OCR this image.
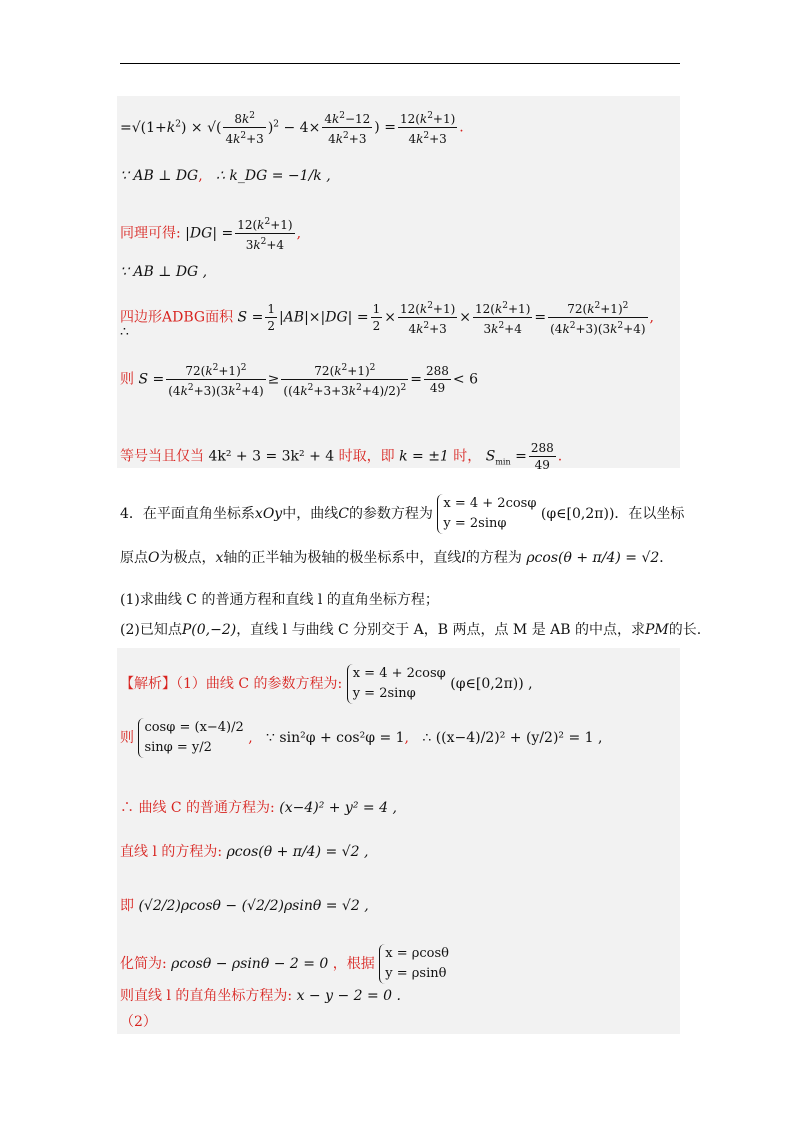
$=√(1+k^2)$ × √( $\frac{8k^2}{4k^2+3} )^2 - 4\times \frac{4k^2-12}{4k^2+3}$ ) = $\frac{12(k^2+1)}{4k^2+3}$ .
∵ AB ⊥ DG, ∴ k_DG = −1/k ,
同理可得: $|DG| = \frac{12(k^2+1)}{3k^2+4}$ ,
∵ AB ⊥ DG ,
四边形ADBG面积 $S = \frac{1}{2} |AB|\times|DG| = \frac{1}{2} \times \frac{12(k^2+1)}{4k^2+3} \times \frac{12(k^2+1)}{3k^2+4} = \frac{72(k^2+1)^2}{(4k^2+3)(3k^2+4)}$ ,
∴
则 $S = \frac{72(k^2+1)^2}{(4k^2+3)(3k^2+4)} \ge \frac{72(k^2+1)^2}{((4k^2+3+3k^2+4)/2)^2} = \frac{288}{49} < 6$
等号当且仅当 4k² + 3 = 3k² + 4 时取，即 k = ±1 时， $S_{min} = \frac{288}{49}$ .
4．在平面直角坐标系xOy中，曲线C的参数方程为
x = 4 + 2cosφ
y = 2sinφ
(φ∈[0,2π))．在以坐标
原点O为极点，x轴的正半轴为极轴的极坐标系中，直线l的方程为 ρcos(θ + π/4) = √2．
(1)求曲线 C 的普通方程和直线 l 的直角坐标方程；
(2)已知点P(0,−2)，直线 l 与曲线 C 分别交于 A，B 两点，点 M 是 AB 的中点，求PM的长.
【解析】（1）曲线 C 的参数方程为:
x = 4 + 2cosφ
y = 2sinφ
(φ∈[0,2π)) ,
则
cosφ = (x−4)/2
sinφ = y/2
, ∵ sin²φ + cos²φ = 1, ∴ ((x−4)/2)² + (y/2)² = 1 ,
∴ 曲线 C 的普通方程为: (x−4)² + y² = 4 ,
直线 l 的方程为: ρcos(θ + π/4) = √2 ,
即 (√2/2)ρcosθ − (√2/2)ρsinθ = √2 ,
化简为: ρcosθ − ρsinθ − 2 = 0 ，根据
x = ρcosθ
y = ρsinθ
则直线 l 的直角坐标方程为: x − y − 2 = 0 .
（2）
